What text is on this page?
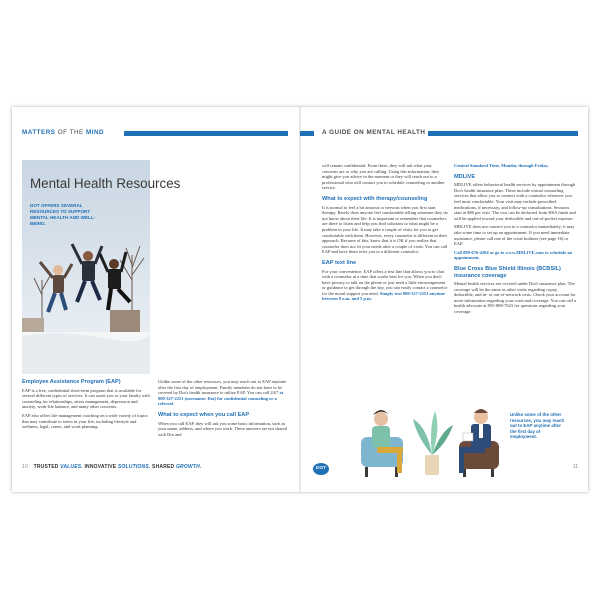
MATTERS OF THE MIND
Mental Health Resources
DOT OFFERS SEVERAL RESOURCES TO SUPPORT MENTAL HEALTH AND WELL-BEING.
Employee Assistance Program (EAP)

EAP is a free, confidential short-term program that is available for several different types of services. It can assist you or your family with counseling for relationships, stress management, depression and anxiety, work-life balance, and many other concerns.

EAP also offers life management coaching on a wide variety of topics that may contribute to stress in your life, including lifestyle and wellness, legal, career, and work planning.

Unlike some of the other resources, you may reach out to EAP anytime after the first day of employment. Family members do not have to be covered by Dot's health insurance to utilize EAP. You can call 24/7 at 800-327-2251 (username: Dot) for confidential counseling or a referral.

What to expect when you call EAP

When you call EAP, they will ask you some basic information, such as your name, address, and where you work. These answers are not shared with Dot and

10 TRUSTED VALUES. INNOVATIVE SOLUTIONS. SHARED GROWTH.
A GUIDE ON MENTAL HEALTH

will remain confidential. From there, they will ask what your concerns are or why you are calling. Using this information, they might give you advice in the moment or they will reach out to a professional who will contact you to schedule counseling or another service.

What to expect with therapy/counseling

It is normal to feel a bit anxious or nervous when you first start therapy. Rarely does anyone feel comfortable telling someone they do not know about their life. It is important to remember that counselors are there to listen and help you find solutions to what might be a problem in your life. It may take a couple of visits for you to get comfortable with them. However, every counselor is different in their approach. Because of this, know that it is OK if you realize that counselor does not fit your needs after a couple of visits. You can call EAP and have them refer you to a different counselor.

EAP text line

For your convenience, EAP offers a text line that allows you to chat with a counselor at a time that works best for you. When you don't have privacy to talk on the phone or just need a little encouragement or guidance to get through the day, you can easily contact a counselor for the moral support you need. Simply text 800-327-2251 anytime between 9 a.m. and 5 p.m.

Central Standard Time, Monday through Friday.

MDLIVE

MDLIVE offers behavioral health services by appointment through Dot's health insurance plan. These include virtual counseling services that allow you to connect with a counselor wherever you feel most comfortable. Your visit may include prescribed medications, if necessary, and follow-up consultations. Sessions start at $80 per visit. The cost can be deducted from HSA funds and will be applied toward your deductible and out-of-pocket expense.

MDLIVE does not connect you to a counselor immediately; it may take some time to set up an appointment. If you need immediate assistance, please call one of the crisis hotlines (see page 16) or EAP.

Call 888-676-4204 or go to www.MDLIVE.com to schedule an appointment.

Blue Cross Blue Shield Illinois (BCBSIL) insurance coverage

Mental health services are covered under Dot's insurance plan. The coverage will be the same as other visits regarding copay, deductible, and in- or out-of-network costs. Check your account for more information regarding your costs and coverage. You can call a health advocate at 855-808-7623 for questions regarding your coverage.

Unlike some of the other resources, you may reach out to EAP anytime after the first day of employment.
DOT	11
